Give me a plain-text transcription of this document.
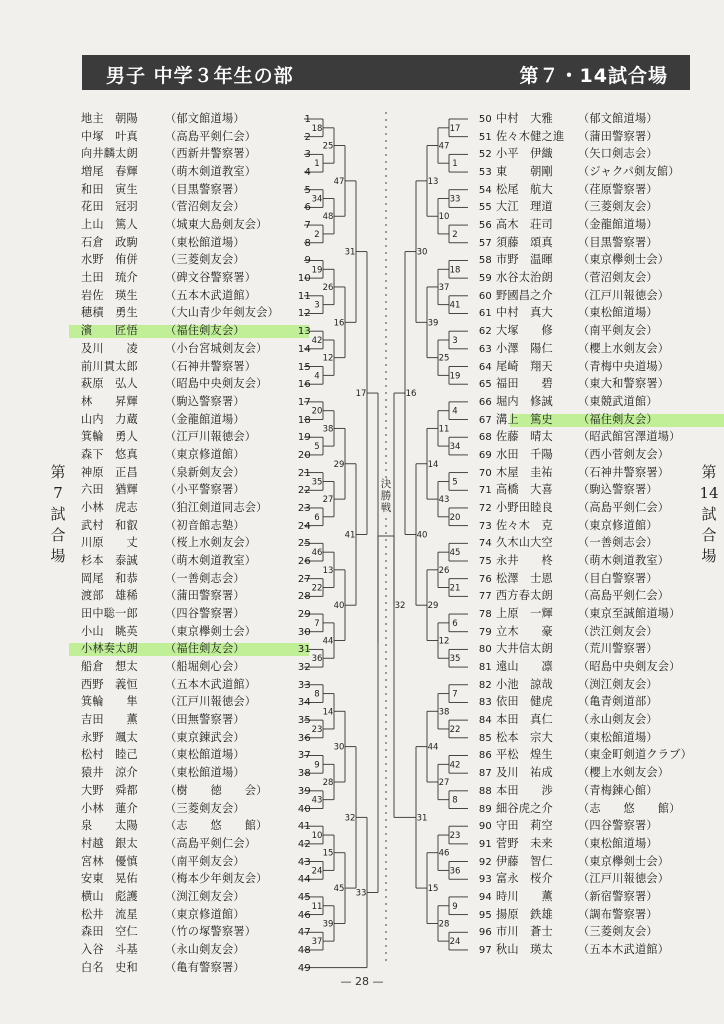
男子 中学３年生の部	第７・14試合場
第
7
試
合
場
第
14
試
合
場
18
1
34
2
19
3
42
4
20
5
35
6
46
22
7
36
8
23
9
43
10
24
11
37
25
48
26
12
38
27
13
44
14
28
15
39
47
16
29
40
30
45
31
41
32
17
33
17
1
33
2
18
41
3
19
4
34
5
20
45
21
6
35
7
22
42
8
23
36
9
24
47
10
37
25
11
43
26
12
38
27
46
28
13
39
14
29
44
15
30
40
31
16
32
地主　朝陽 （郁文館道場）	1
中塚　叶真 （高島平剣仁会）	2
向井麟太朗 （西新井警察署）	3
増尾　春輝 （萌木剣道教室）	4
和田　寅生 （目黒警察署）	5
花田　冠羽 （菅沼剣友会）	6
上山　篤人 （城東大島剣友会）	7
石倉　政駒 （東松館道場）	8
水野　侑併 （三菱剣友会）	9
土田　琉介 （碑文谷警察署）	10
岩佐　瑛生 （五本木武道館）	11
穂積　勇生 （大山青少年剣友会） 12
濱　　匠悟 （福住剣友会）	13
及川　　凌 （小台宮城剣友会）	14
前川貫太郎 （石神井警察署）	15
萩原　弘人 （昭島中央剣友会）	16
林　　昇輝 （駒込警察署）	17
山内　力蔵 （金龍館道場）	18
箕輪　勇人 （江戸川報徳会）	19
森下　悠真 （東京修道館）	20
神原　正昌 （泉新剣友会）	21
六田　猶輝 （小平警察署）	22
小林　虎志 （狛江剣道同志会）	23
武村　和叡 （初音館志塾）	24
川原　　丈 （桜上水剣友会）	25
杉本　泰誠 （萌木剣道教室）	26
岡尾　和恭 （一善剣志会）	27
渡部　雄稀 （蒲田警察署）	28
田中聡一郎 （四谷警察署）	29
小山　眺英 （東京欅剣士会）	30
小林奏太朗 （福住剣友会）	31
船倉　想太 （船堀剣心会）	32
西野　義恒 （五本木武道館）	33
箕輪　　隼 （江戸川報徳会）	34
吉田　　薫 （田無警察署）	35
永野　颯太 （東京錬武会）	36
松村　睦己 （東松館道場）	37
猿井　涼介 （東松館道場）	38
大野　舜都 （樹　　徳　　会）	39
小林　蓮介 （三菱剣友会）	40
泉　　太陽 （志　　悠　　館）	41
村越　銀太 （高島平剣仁会）	42
宮林　優慎 （南平剣友会）	43
安東　晃佑 （梅本少年剣友会）	44
横山　彪護 （渕江剣友会）	45
松井　流星 （東京修道館）	46
森田　空仁 （竹の塚警察署）	47
入谷　斗基 （永山剣友会）	48
白名　史和 （亀有警察署）	49
50 中村　大雅 （郁文館道場）
51 佐々木健之進 （蒲田警察署）
52 小平　伊織 （矢口剣志会）
53 東　　朝剛 （ジャクパ剣友館）
54 松尾　航大 （荏原警察署）
55 大江　理道 （三菱剣友会）
56 高木　荘司 （金龍館道場）
57 須藤　頌真 （目黒警察署）
58 市野　温暉 （東京欅剣士会）
59 水谷太治朗 （菅沼剣友会）
60 野國昌之介 （江戸川報徳会）
61 中村　真大 （東松館道場）
62 大塚　　修 （南平剣友会）
63 小澤　陽仁 （櫻上水剣友会）
64 尾崎　翔天 （青梅中央道場）
65 福田　　碧 （東大和警察署）
66 堀内　修誠 （東競武道館）
67 溝上　篤史 （福住剣友会）
68 佐藤　晴太 （昭武館宮澤道場）
69 水田　千陽 （西小菅剣友会）
70 木屋　圭祐 （石神井警察署）
71 高橋　大喜 （駒込警察署）
72 小野田睦良 （高島平剣仁会）
73 佐々木　克 （東京修道館）
74 久木山大空 （一善剣志会）
75 永井　　柊 （萌木剣道教室）
76 松澤　士恩 （目白警察署）
77 西方春太朗 （高島平剣仁会）
78 上原　一輝 （東京至誠館道場）
79 立木　　豪 （渋江剣友会）
80 大井信太朗 （荒川警察署）
81 遠山　　凛 （昭島中央剣友会）
82 小池　諒哉 （渕江剣友会）
83 依田　健虎 （亀青剣道部）
84 本田　真仁 （永山剣友会）
85 松本　宗大 （東松館道場）
86 平松　煌生 （東金町剣道クラブ）
87 及川　祐成 （櫻上水剣友会）
88 本田　　渉 （青梅錬心館）
89 細谷虎之介 （志　　悠　　館）
90 守田　莉空 （四谷警察署）
91 菅野　未来 （東松館道場）
92 伊藤　智仁 （東京欅剣士会）
93 富永　桜介 （江戸川報徳会）
94 時川　　薫 （新宿警察署）
95 揚原　鉄雄 （調布警察署）
96 市川　蒼士 （三菱剣友会）
97 秋山　瑛太 （五本木武道館）
決
勝
戦
— 28 —
